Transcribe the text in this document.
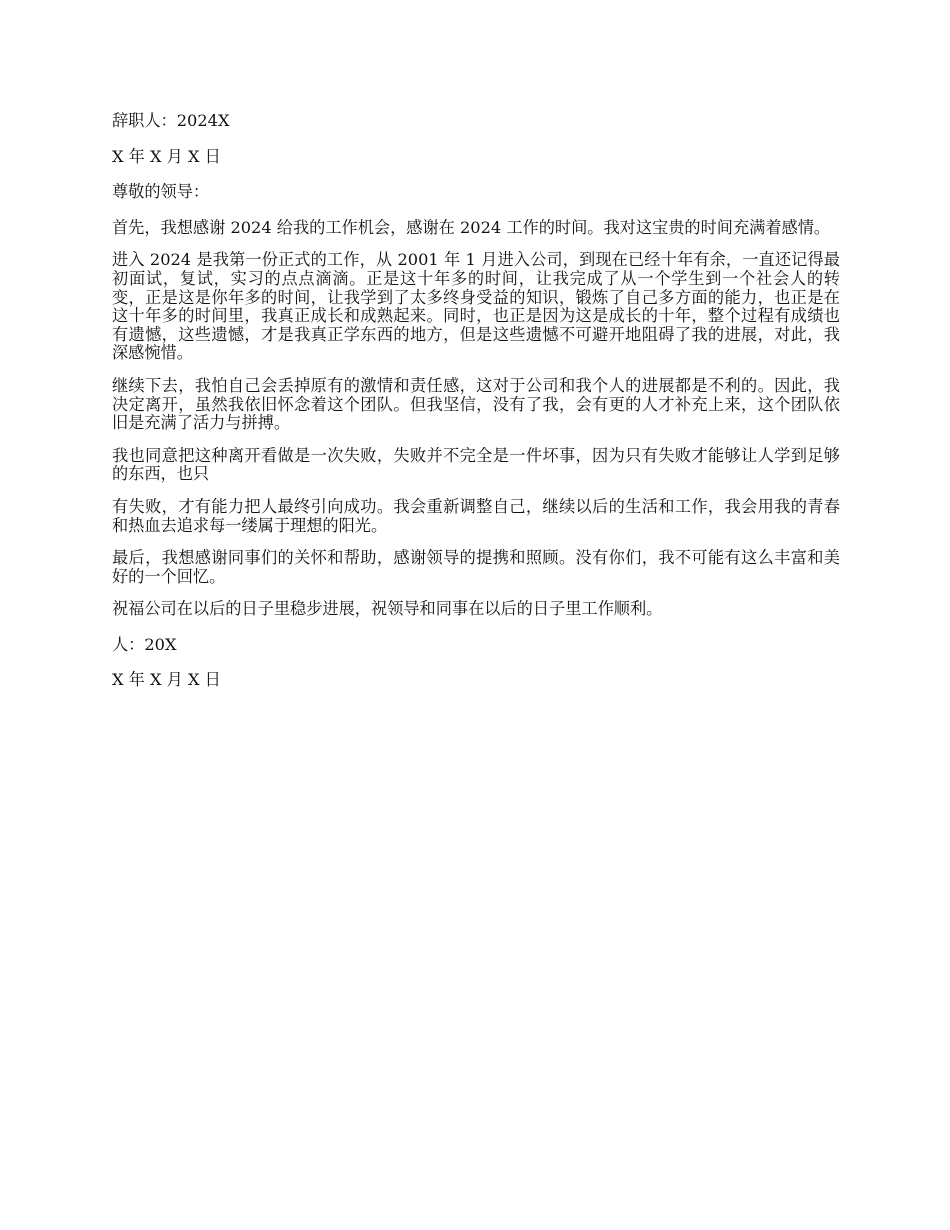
辞职人：2024X

X 年 X 月 X 日

尊敬的领导：

首先，我想感谢 2024 给我的工作机会，感谢在 2024 工作的时间。我对这宝贵的时间充满着感情。

进入 2024 是我第一份正式的工作，从 2001 年 1 月进入公司，到现在已经十年有余，一直还记得最初面试，复试，实习的点点滴滴。正是这十年多的时间，让我完成了从一个学生到一个社会人的转变，正是这是你年多的时间，让我学到了太多终身受益的知识，锻炼了自己多方面的能力，也正是在这十年多的时间里，我真正成长和成熟起来。同时，也正是因为这是成长的十年，整个过程有成绩也有遗憾，这些遗憾，才是我真正学东西的地方，但是这些遗憾不可避开地阻碍了我的进展，对此，我深感惋惜。

继续下去，我怕自己会丢掉原有的激情和责任感，这对于公司和我个人的进展都是不利的。因此，我决定离开，虽然我依旧怀念着这个团队。但我坚信，没有了我，会有更的人才补充上来，这个团队依旧是充满了活力与拼搏。

我也同意把这种离开看做是一次失败，失败并不完全是一件坏事，因为只有失败才能够让人学到足够的东西，也只

有失败，才有能力把人最终引向成功。我会重新调整自己，继续以后的生活和工作，我会用我的青春和热血去追求每一缕属于理想的阳光。

最后，我想感谢同事们的关怀和帮助，感谢领导的提携和照顾。没有你们，我不可能有这么丰富和美好的一个回忆。

祝福公司在以后的日子里稳步进展，祝领导和同事在以后的日子里工作顺利。

人：20X

X 年 X 月 X 日
